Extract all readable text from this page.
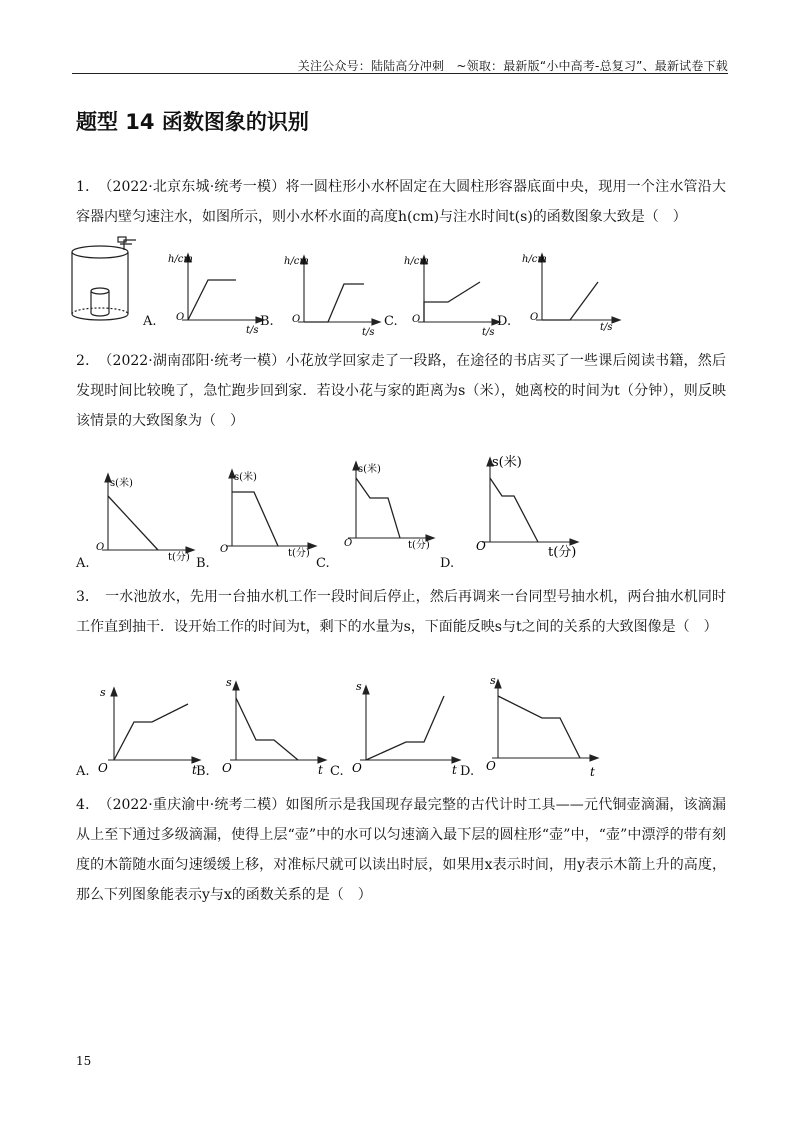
关注公众号：陆陆高分冲刺　~领取：最新版“小中高考-总复习”、最新试卷下载
题型 14 函数图象的识别
1． （2022·北京东城·统考一模）将一圆柱形小水杯固定在大圆柱形容器底面中央，现用一个注水管沿大容器内壁匀速注水，如图所示，则小水杯水面的高度h(cm)与注水时间t(s)的函数图象大致是（　）
h/cm
O
t/s
A.
h/cm
O
t/s
B.
h/cm
O
t/s
C.
h/cm
O
t/s
D.
2． （2022·湖南邵阳·统考一模）小花放学回家走了一段路，在途径的书店买了一些课后阅读书籍，然后发现时间比较晚了，急忙跑步回到家．若设小花与家的距离为s（米），她离校的时间为t（分钟），则反映该情景的大致图象为（　）
s(米)
O
t(分)
A.
s(米)
O	t(分)
B.
s(米)
O	t(分)
C.
s(米)
O	t(分)
D.
3． 一水池放水，先用一台抽水机工作一段时间后停止，然后再调来一台同型号抽水机，两台抽水机同时工作直到抽干．设开始工作的时间为t，剩下的水量为s，下面能反映s与t之间的关系的大致图像是（　）
s
O	t
A.
s
O	t
B.
s
O	t
C.
s
O	t
D.
4． （2022·重庆渝中·统考二模）如图所示是我国现存最完整的古代计时工具——元代铜壶滴漏，该滴漏从上至下通过多级滴漏，使得上层“壶”中的水可以匀速滴入最下层的圆柱形“壶”中，“壶”中漂浮的带有刻度的木箭随水面匀速缓缓上移，对准标尺就可以读出时辰，如果用x表示时间，用y表示木箭上升的高度，那么下列图象能表示y与x的函数关系的是（　）
15
